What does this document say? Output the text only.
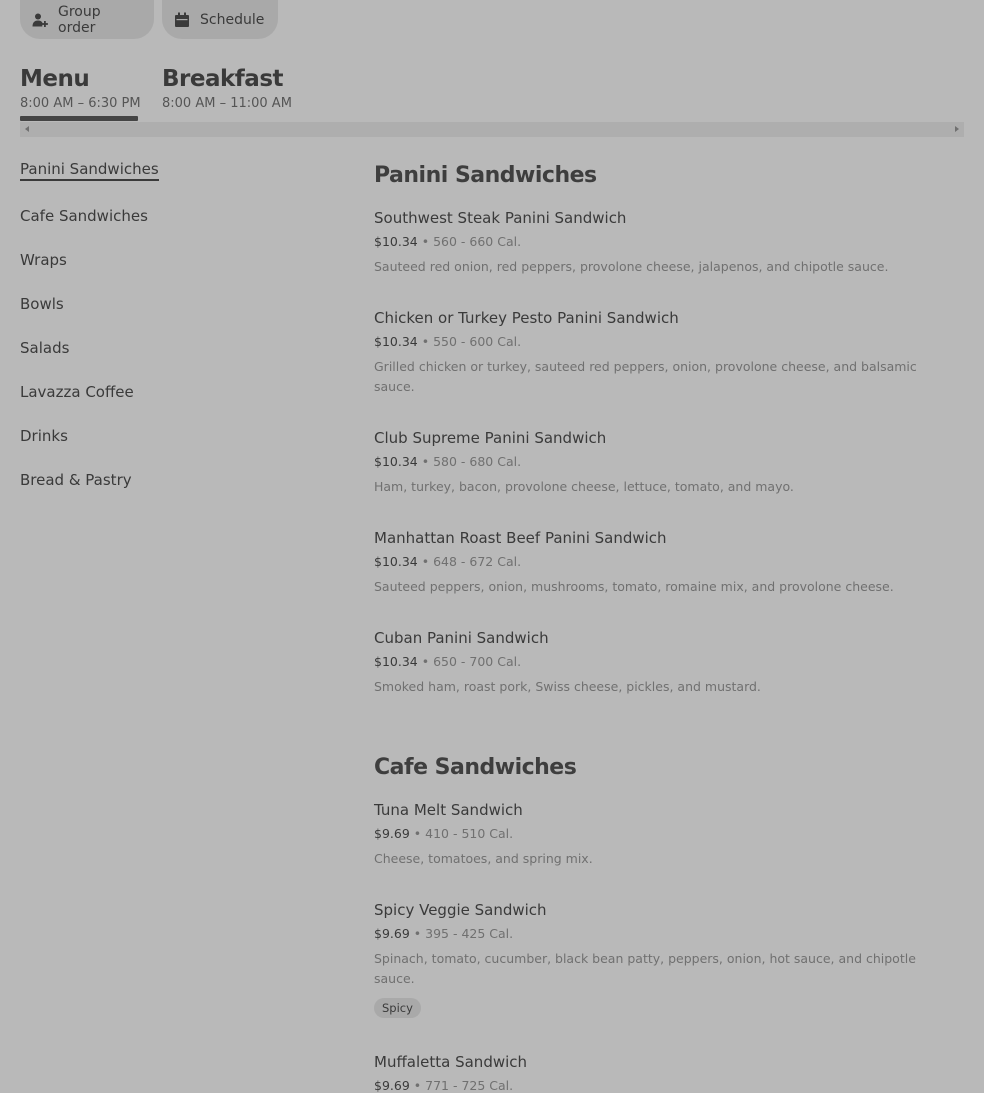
Group order	Schedule
Menu
8:00 AM – 6:30 PM
Breakfast
8:00 AM – 11:00 AM
Panini Sandwiches
Cafe Sandwiches
Wraps
Bowls
Salads
Lavazza Coffee
Drinks
Bread & Pastry
Panini Sandwiches
Southwest Steak Panini Sandwich
$10.34 • 560 - 660 Cal.
Sauteed red onion, red peppers, provolone cheese, jalapenos, and chipotle sauce.
Chicken or Turkey Pesto Panini Sandwich
$10.34 • 550 - 600 Cal.
Grilled chicken or turkey, sauteed red peppers, onion, provolone cheese, and balsamic sauce.
Club Supreme Panini Sandwich
$10.34 • 580 - 680 Cal.
Ham, turkey, bacon, provolone cheese, lettuce, tomato, and mayo.
Manhattan Roast Beef Panini Sandwich
$10.34 • 648 - 672 Cal.
Sauteed peppers, onion, mushrooms, tomato, romaine mix, and provolone cheese.
Cuban Panini Sandwich
$10.34 • 650 - 700 Cal.
Smoked ham, roast pork, Swiss cheese, pickles, and mustard.
Cafe Sandwiches
Tuna Melt Sandwich
$9.69 • 410 - 510 Cal.
Cheese, tomatoes, and spring mix.
Spicy Veggie Sandwich
$9.69 • 395 - 425 Cal.
Spinach, tomato, cucumber, black bean patty, peppers, onion, hot sauce, and chipotle sauce.
Spicy
Muffaletta Sandwich
$9.69 • 771 - 725 Cal.
